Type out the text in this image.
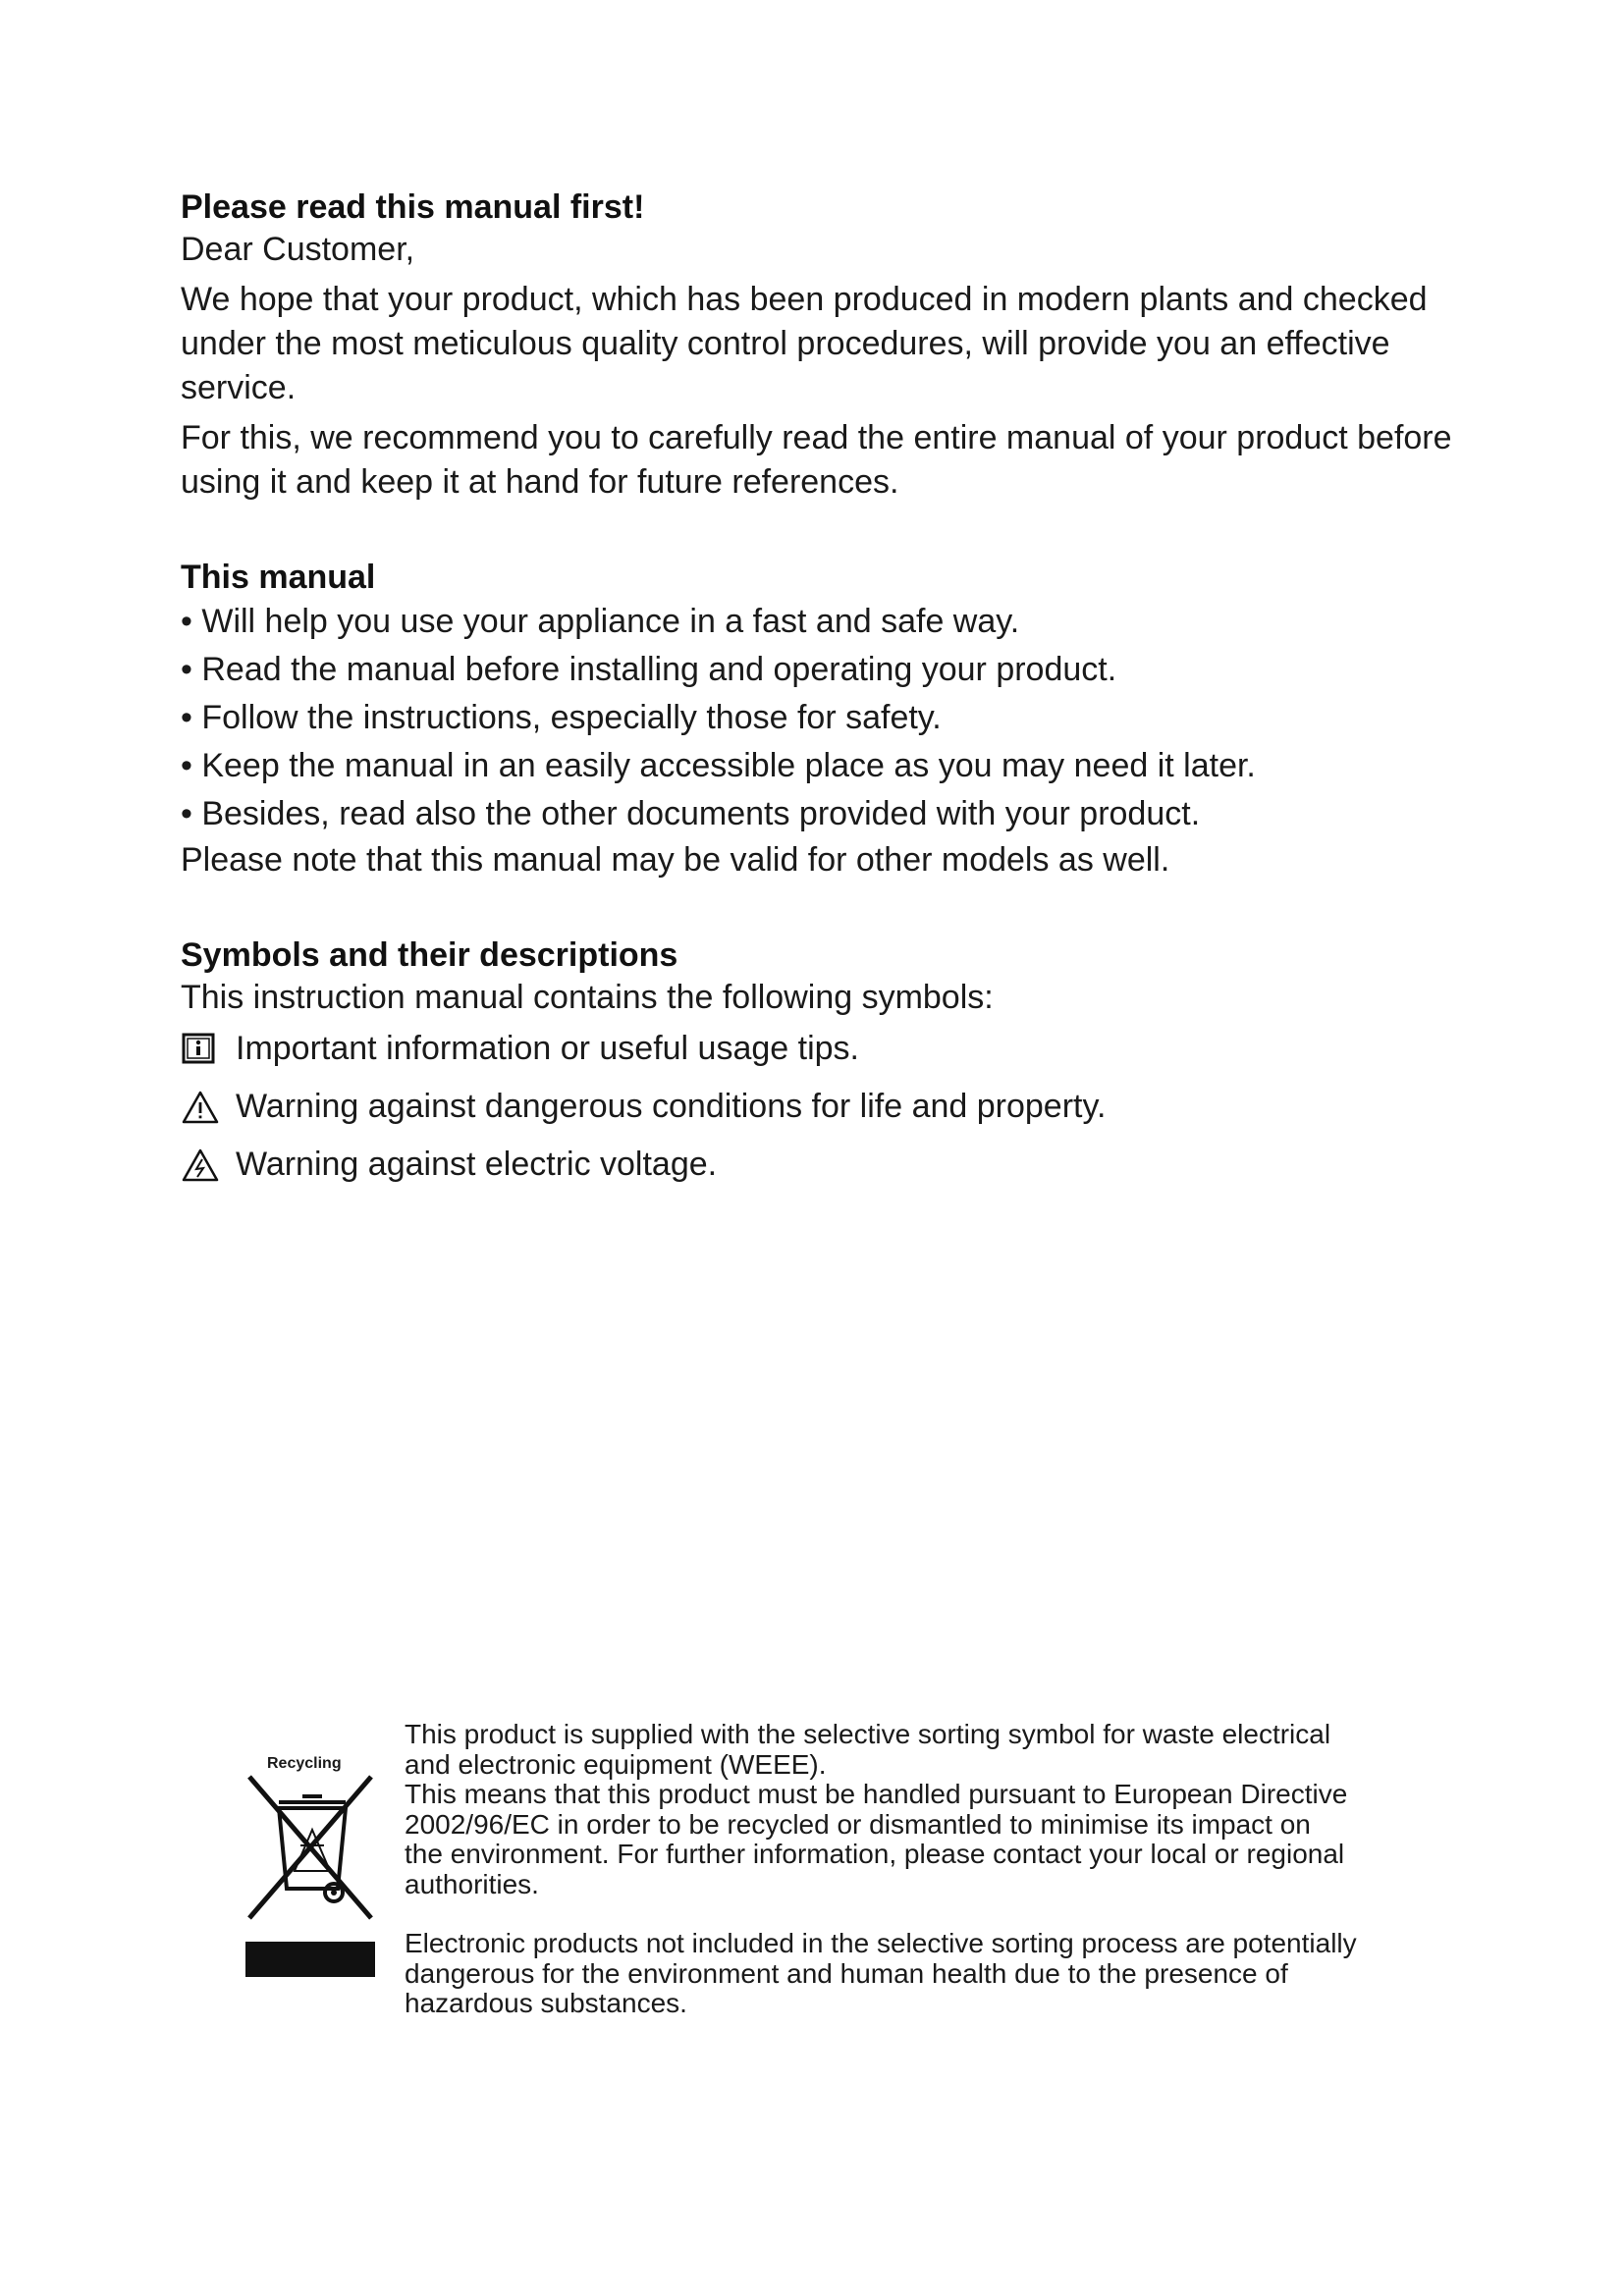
Please read this manual first!

Dear Customer,

We hope that your product, which has been produced in modern plants and checked under the most meticulous quality control procedures, will provide you an effective service.

For this, we recommend you to carefully read the entire manual of your product before using it and keep it at hand for future references.

This manual

• Will help you use your appliance in a fast and safe way.

• Read the manual before installing and operating your product.

• Follow the instructions, especially those for safety.

• Keep the manual in an easily accessible place as you may need it later.

• Besides, read also the other documents provided with your product.

Please note that this manual may be valid for other models as well.

Symbols and their descriptions

This instruction manual contains the following symbols:

Important information or useful usage tips.
Warning against dangerous conditions for life and property.
Warning against electric voltage.
Recycling

This product is supplied with the selective sorting symbol for waste electrical

and electronic equipment (WEEE).

This means that this product must be handled pursuant to European Directive

2002/96/EC in order to be recycled or dismantled to minimise its impact on

the environment. For further information, please contact your local or regional

authorities.

Electronic products not included in the selective sorting process are potentially

dangerous for the environment and human health due to the presence of

hazardous substances.
